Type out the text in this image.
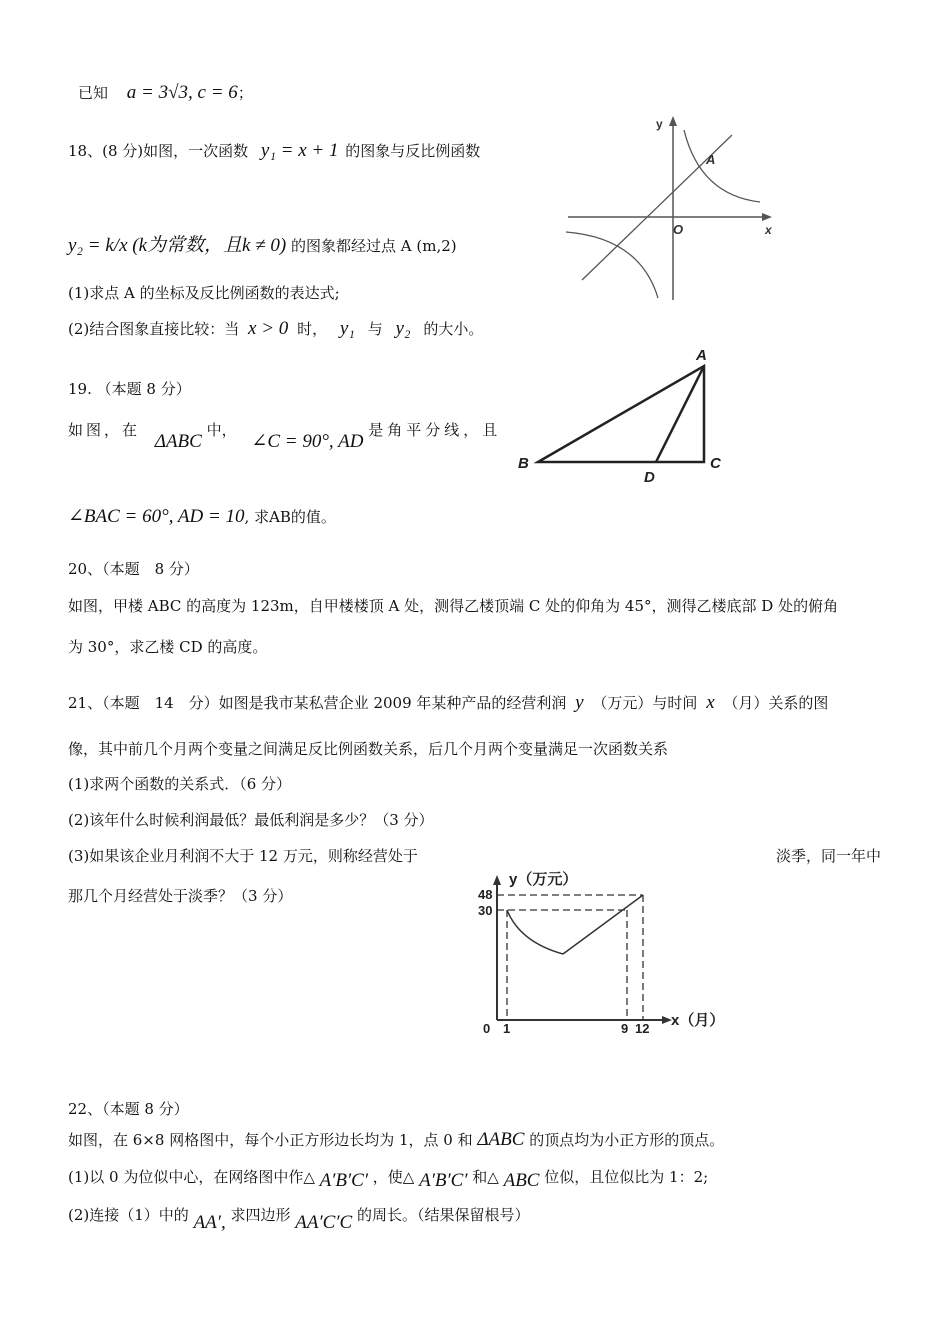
已知 a = 3√3, c = 6；
18、(8 分)如图，一次函数 y₁ = x + 1 的图象与反比例函数
y₂ = k/x (k为常数，且k ≠ 0) 的图象都经过点 A (m,2)
(1)求点 A 的坐标及反比例函数的表达式;
(2)结合图象直接比较：当 x > 0 时， y₁ 与 y₂ 的大小。
y
x
O
A
19. （本题 8 分）
如图，在 ΔABC 中， ∠C = 90°, AD 是角平分线，且
∠BAC = 60°, AD = 10, 求AB的值。
A
B	C
D
20、（本题　8 分）
如图，甲楼 ABC 的高度为 123m，自甲楼楼顶 A 处，测得乙楼顶端 C 处的仰角为 45°，测得乙楼底部 D 处的俯角
为 30°，求乙楼 CD 的高度。
21、（本题　14　分）如图是我市某私营企业 2009 年某种产品的经营利润 y （万元）与时间 x （月）关系的图
像，其中前几个月两个变量之间满足反比例函数关系，后几个月两个变量满足一次函数关系
(1)求两个函数的关系式．（6 分）
(2)该年什么时候利润最低？最低利润是多少？（3 分）
(3)如果该企业月利润不大于 12 万元，则称经营处于	淡季，同一年中
那几个月经营处于淡季？（3 分）
y（万元）
x（月）
48
30
0 1	9 12
22、（本题 8 分）
如图，在 6×8 网格图中，每个小正方形边长均为 1，点 0 和 ΔABC 的顶点均为小正方形的顶点。
(1)以 0 为位似中心，在网络图中作△ A′B′C′ ，使△ A′B′C′ 和△ ABC 位似，且位似比为 1：2;
(2)连接（1）中的 AA′, 求四边形 AA′C′C 的周长。（结果保留根号）
